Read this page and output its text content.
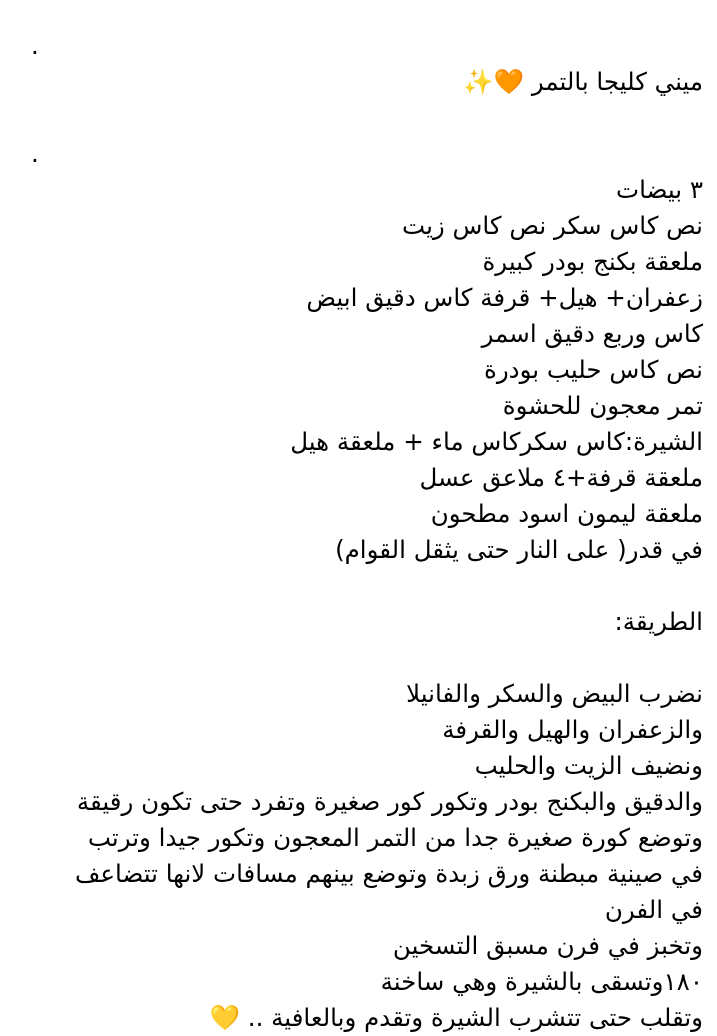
.
ميني كليجا بالتمر 🧡✨
.
٣ بيضات
نص كاس سكر نص كاس زيت
ملعقة بكنج بودر كبيرة
زعفران+ هيل+ قرفة كاس دقيق ابيض
كاس وربع دقيق اسمر
نص كاس حليب بودرة
تمر معجون للحشوة
الشيرة:كاس سكركاس ماء + ملعقة هيل
ملعقة قرفة+٤ ملاعق عسل
ملعقة ليمون اسود مطحون
في قدر( على النار حتى يثقل القوام)
الطريقة:
نضرب البيض والسكر والفانيلا
والزعفران والهيل والقرفة
ونضيف الزيت والحليب
والدقيق والبكنج بودر وتكور كور صغيرة وتفرد حتى تكون رقيقة
وتوضع كورة صغيرة جدا من التمر المعجون وتكور جيدا وترتب
في صينية مبطنة ورق زبدة وتوضع بينهم مسافات لانها تتضاعف
في الفرن
وتخبز في فرن مسبق التسخين
١٨٠وتسقى بالشيرة وهي ساخنة
وتقلب حتى تتشرب الشيرة وتقدم وبالعافية .. 💛
